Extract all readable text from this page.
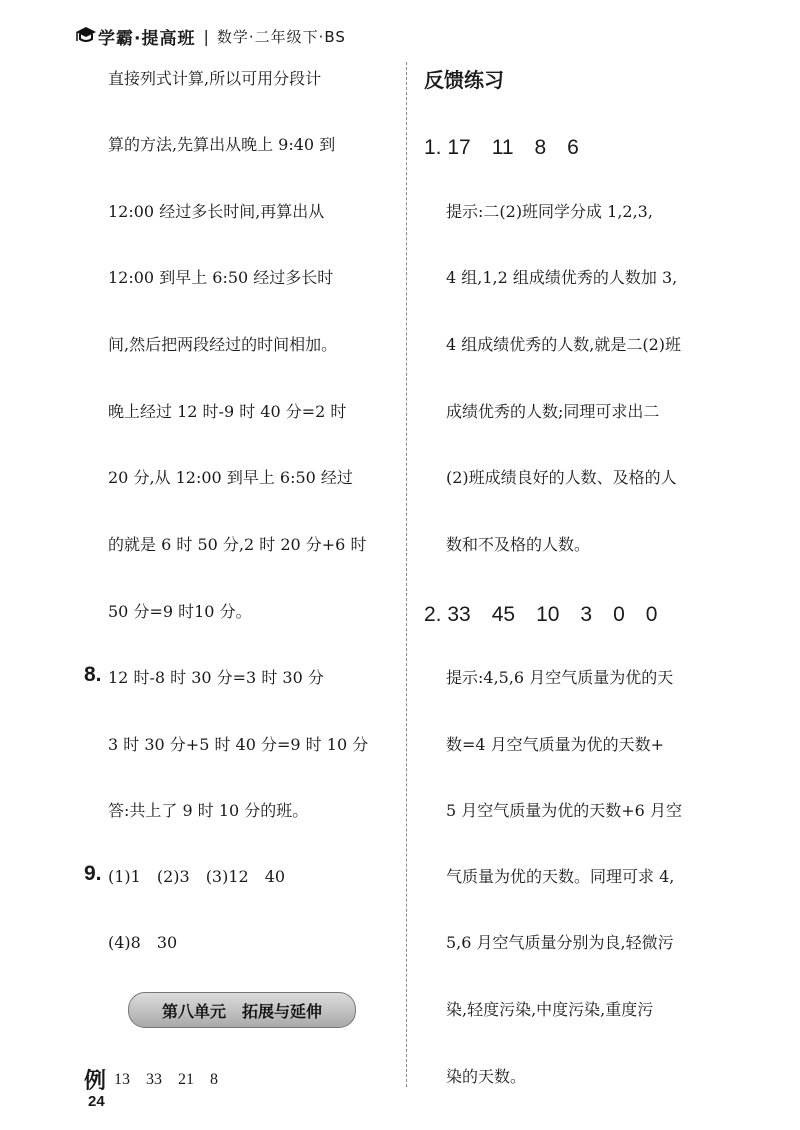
学霸·提高班 | 数学·二年级下·BS
直接列式计算,所以可用分段计
算的方法,先算出从晚上 9:40 到
12:00 经过多长时间,再算出从
12:00 到早上 6:50 经过多长时
间,然后把两段经过的时间相加。
晚上经过 12 时-9 时 40 分=2 时
20 分,从 12:00 到早上 6:50 经过
的就是 6 时 50 分,2 时 20 分+6 时
50 分=9 时10 分。
8. 12 时-8 时 30 分=3 时 30 分
3 时 30 分+5 时 40 分=9 时 10 分
答:共上了 9 时 10 分的班。
9. (1)1　(2)3　(3)12　40
(4)8　30
第八单元　拓展与延伸
例 13　33　21　8
反馈练习
1. 17　11　8　6
提示:二(2)班同学分成 1,2,3,
4 组,1,2 组成绩优秀的人数加 3,
4 组成绩优秀的人数,就是二(2)班
成绩优秀的人数;同理可求出二
(2)班成绩良好的人数、及格的人
数和不及格的人数。
2. 33　45　10　3　0　0
提示:4,5,6 月空气质量为优的天
数=4 月空气质量为优的天数+
5 月空气质量为优的天数+6 月空
气质量为优的天数。同理可求 4,
5,6 月空气质量分别为良,轻微污
染,轻度污染,中度污染,重度污
染的天数。
24
